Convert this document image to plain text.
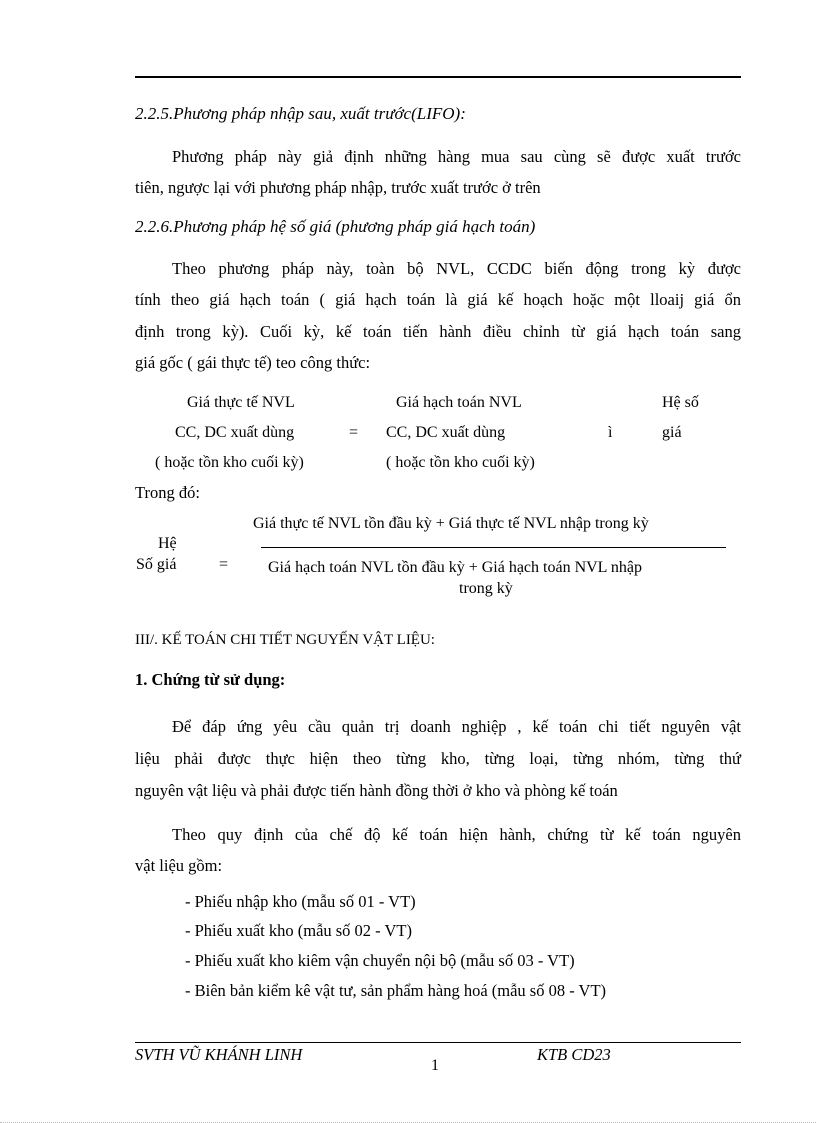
2.2.5.Phương pháp nhập sau, xuất trước(LIFO):
Phương pháp này giả định những hàng mua sau cùng sẽ được xuất trước
tiên, ngược lại với phương pháp nhập, trước xuất trước ở trên
2.2.6.Phương pháp hệ số giá (phương pháp giá hạch toán)
Theo phương pháp này, toàn bộ NVL, CCDC biến động trong kỳ được
tính theo giá hạch toán ( giá hạch toán là giá kế hoạch hoặc một lloaij giá ổn
định trong kỳ). Cuối kỳ, kế toán tiến hành điều chỉnh từ giá hạch toán sang
giá gốc ( gái thực tế) teo công thức:
Giá thực tế NVL
CC, DC xuất dùng
( hoặc tồn kho cuối kỳ)
=
Giá hạch toán NVL
CC, DC xuất dùng
( hoặc tồn kho cuối kỳ)
ì
Hệ số
giá
Trong đó:
Hệ
Số giá	=
Giá thực tế NVL tồn đầu kỳ + Giá thực tế NVL nhập trong kỳ
Giá hạch toán NVL tồn đầu kỳ + Giá hạch toán NVL nhập
trong kỳ
III/. KẾ TOÁN CHI TIẾT NGUYẾN VẬT LIỆU:
1. Chứng từ sử dụng:
Để đáp ứng yêu cầu quản trị doanh nghiệp , kế toán chi tiết nguyên vật
liệu phải được thực hiện theo từng kho, từng loại, từng nhóm, từng thứ
nguyên vật liệu và phải được tiến hành đồng thời ở kho và phòng kế toán
Theo quy định của chế độ kế toán hiện hành, chứng từ kế toán nguyên
vật liệu gồm:
- Phiếu nhập kho (mẫu số 01 - VT)
- Phiếu xuất kho (mẫu số 02 - VT)
- Phiếu xuất kho kiêm vận chuyển nội bộ (mẫu số 03 - VT)
- Biên bản kiểm kê vật tư, sản phẩm hàng hoá (mẫu số 08 - VT)
SVTH VŨ KHÁNH LINH
1
KTB CD23
